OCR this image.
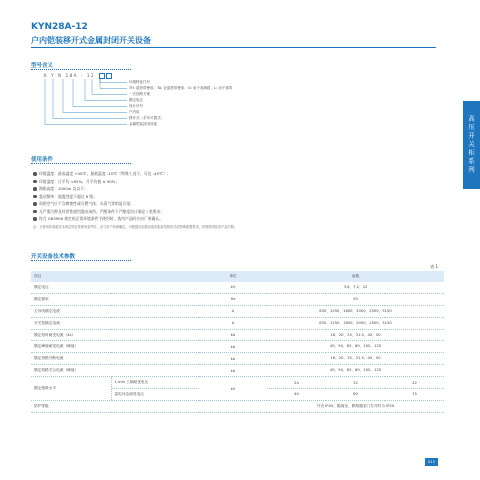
KYN28A-12
户内铠装移开式金属封闭开关设备
型号含义
K Y N 28A - 12
环境特征代号
TH: 湿热带使用；TA: 亚湿热带使用；G: 用于高海拔；L: 用于寒带
一次回路方案
额定电压
设计序号
户内用
移开式（手车可置式）
金属铠装封闭设备
使用条件
环境温度：最高温度 +40℃，最低温度 -15℃（特殊工况下，可达 -45℃）；
环境湿度：日平均 <95%，月平均值 ≤ 90%；
海拔高度：1000m 及以下；
震动频率：地震烈度不超过 8 级；
周围空气应不含腐蚀性或可燃气体、水蒸气等明显污染；
无严重污秽及经常性剧烈震动场所，严酷条件下严酷度设计满足 I 类要求；
符合 GB3906 规定的正常环境条件下使用时，选用产品时应由厂家确认。
注：当使用环境超过本规定的正常使用条件时，应与用户协商确定，可根据实际情况选用相应结构形式或特殊配置要求，详细说明参见产品手册。
开关设备技术参数
表 1
项目		单位	参数		
额定电压		kV	3.6、7.2、12		
额定频率		Hz	50		
主母线额定电流		A	630、1250、1600、2000、2500、3150		
开关柜额定电流		A	630、1250、1600、2000、2500、3150		
额定短时耐受电流（4s）		kA	16、20、25、31.5、40、50		
额定峰值耐受电流（峰值）		kA	40、50、63、80、100、125		
额定短路开断电流		kA	16、20、25、31.5、40、50		
额定短路关合电流（峰值）		kA	40、50、63、80、100、125		
额定绝缘水平	1 min 工频耐受电压	kV	24	32	42
	雷电冲击耐受电压		40	60	75
防护等级			外壳 IP4X，隔离室、断路器室门打开时为 IP2X		
高压开关柜系列
013
